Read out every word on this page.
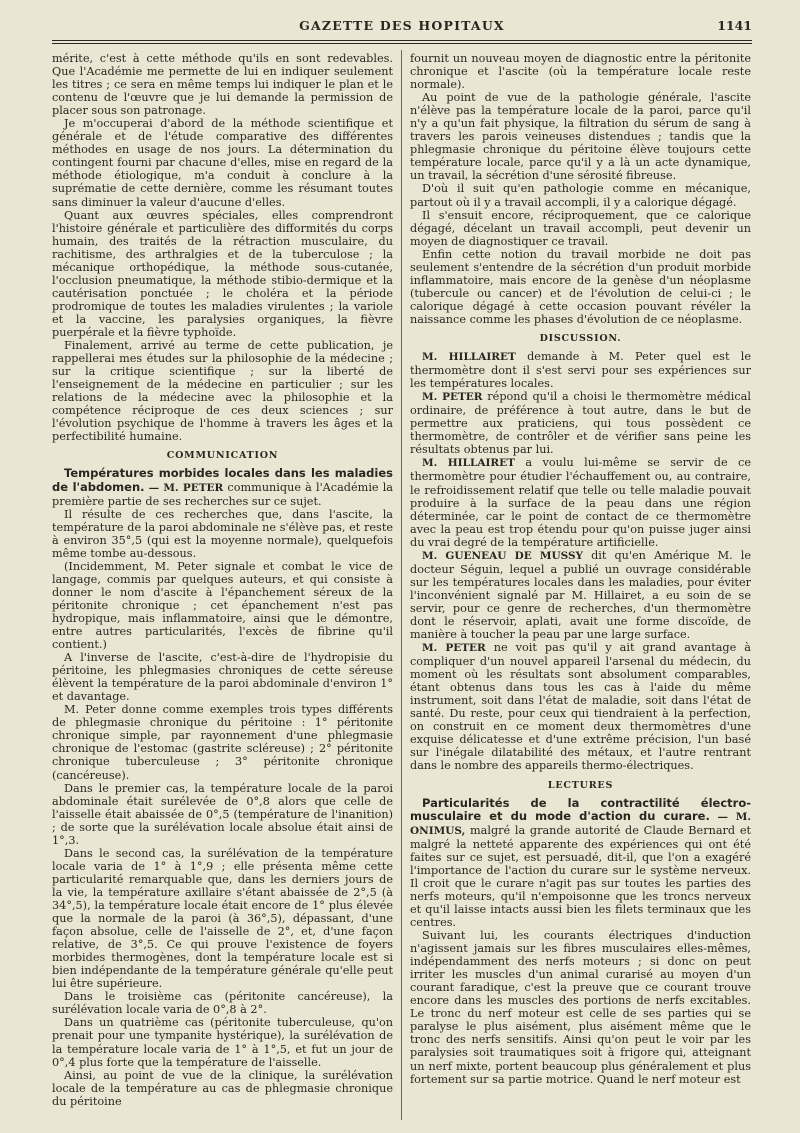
GAZETTE DES HOPITAUX	1141

mérite, c'est à cette méthode qu'ils en sont redevables. Que l'Académie me permette de lui en indiquer seulement les titres ; ce sera en même temps lui indiquer le plan et le contenu de l'œuvre que je lui demande la permission de placer sous son patronage.

Je m'occuperai d'abord de la méthode scientifique et générale et de l'étude comparative des différentes méthodes en usage de nos jours. La détermination du contingent fourni par chacune d'elles, mise en regard de la méthode étiologique, m'a conduit à conclure à la suprématie de cette dernière, comme les résumant toutes sans diminuer la valeur d'aucune d'elles.

Quant aux œuvres spéciales, elles comprendront l'histoire générale et particulière des difformités du corps humain, des traités de la rétraction musculaire, du rachitisme, des arthralgies et de la tuberculose ; la mécanique orthopédique, la méthode sous-cutanée, l'occlusion pneumatique, la méthode stibio-dermique et la cautérisation ponctuée ; le choléra et la période prodromique de toutes les maladies virulentes ; la variole et la vaccine, les paralysies organiques, la fièvre puerpérale et la fièvre typhoïde.

Finalement, arrivé au terme de cette publication, je rappellerai mes études sur la philosophie de la médecine ; sur la critique scientifique ; sur la liberté de l'enseignement de la médecine en particulier ; sur les relations de la médecine avec la philosophie et la compétence réciproque de ces deux sciences ; sur l'évolution psychique de l'homme à travers les âges et la perfectibilité humaine.

COMMUNICATION

Températures morbides locales dans les maladies de l'abdomen. — M. PETER communique à l'Académie la première partie de ses recherches sur ce sujet.

Il résulte de ces recherches que, dans l'ascite, la température de la paroi abdominale ne s'élève pas, et reste à environ 35°,5 (qui est la moyenne normale), quelquefois même tombe au-dessous.

(Incidemment, M. Peter signale et combat le vice de langage, commis par quelques auteurs, et qui consiste à donner le nom d'ascite à l'épanchement séreux de la péritonite chronique ; cet épanchement n'est pas hydropique, mais inflammatoire, ainsi que le démontre, entre autres particularités, l'excès de fibrine qu'il contient.)

A l'inverse de l'ascite, c'est-à-dire de l'hydropisie du péritoine, les phlegmasies chroniques de cette séreuse élèvent la température de la paroi abdominale d'environ 1° et davantage.

M. Peter donne comme exemples trois types différents de phlegmasie chronique du péritoine : 1° péritonite chronique simple, par rayonnement d'une phlegmasie chronique de l'estomac (gastrite scléreuse) ; 2° péritonite chronique tuberculeuse ; 3° péritonite chronique (cancéreuse).

Dans le premier cas, la température locale de la paroi abdominale était surélevée de 0°,8 alors que celle de l'aisselle était abaissée de 0°,5 (température de l'inanition) ; de sorte que la surélévation locale absolue était ainsi de 1°,3.

Dans le second cas, la surélévation de la température locale varia de 1° à 1°,9 ; elle présenta même cette particularité remarquable que, dans les derniers jours de la vie, la température axillaire s'étant abaissée de 2°,5 (à 34°,5), la température locale était encore de 1° plus élevée que la normale de la paroi (à 36°,5), dépassant, d'une façon absolue, celle de l'aisselle de 2°, et, d'une façon relative, de 3°,5. Ce qui prouve l'existence de foyers morbides thermogènes, dont la température locale est si bien indépendante de la température générale qu'elle peut lui être supérieure.

Dans le troisième cas (péritonite cancéreuse), la surélévation locale varia de 0°,8 à 2°.

Dans un quatrième cas (péritonite tuberculeuse, qu'on prenait pour une tympanite hystérique), la surélévation de la température locale varia de 1° à 1°,5, et fut un jour de 0°,4 plus forte que la température de l'aisselle.

Ainsi, au point de vue de la clinique, la surélévation locale de la température au cas de phlegmasie chronique du péritoine

fournit un nouveau moyen de diagnostic entre la péritonite chronique et l'ascite (où la température locale reste normale).

Au point de vue de la pathologie générale, l'ascite n'élève pas la température locale de la paroi, parce qu'il n'y a qu'un fait physique, la filtration du sérum de sang à travers les parois veineuses distendues ; tandis que la phlegmasie chronique du péritoine élève toujours cette température locale, parce qu'il y a là un acte dynamique, un travail, la sécrétion d'une sérosité fibreuse.

D'où il suit qu'en pathologie comme en mécanique, partout où il y a travail accompli, il y a calorique dégagé.

Il s'ensuit encore, réciproquement, que ce calorique dégagé, décelant un travail accompli, peut devenir un moyen de diagnostiquer ce travail.

Enfin cette notion du travail morbide ne doit pas seulement s'entendre de la sécrétion d'un produit morbide inflammatoire, mais encore de la genèse d'un néoplasme (tubercule ou cancer) et de l'évolution de celui-ci ; le calorique dégagé à cette occasion pouvant révéler la naissance comme les phases d'évolution de ce néoplasme.

DISCUSSION.

M. HILLAIRET demande à M. Peter quel est le thermomètre dont il s'est servi pour ses expériences sur les températures locales.

M. PETER répond qu'il a choisi le thermomètre médical ordinaire, de préférence à tout autre, dans le but de permettre aux praticiens, qui tous possèdent ce thermomètre, de contrôler et de vérifier sans peine les résultats obtenus par lui.

M. HILLAIRET a voulu lui-même se servir de ce thermomètre pour étudier l'échauffement ou, au contraire, le refroidissement relatif que telle ou telle maladie pouvait produire à la surface de la peau dans une région déterminée, car le point de contact de ce thermomètre avec la peau est trop étendu pour qu'on puisse juger ainsi du vrai degré de la température artificielle.

M. GUENEAU DE MUSSY dit qu'en Amérique M. le docteur Séguin, lequel a publié un ouvrage considérable sur les températures locales dans les maladies, pour éviter l'inconvénient signalé par M. Hillairet, a eu soin de se servir, pour ce genre de recherches, d'un thermomètre dont le réservoir, aplati, avait une forme discoïde, de manière à toucher la peau par une large surface.

M. PETER ne voit pas qu'il y ait grand avantage à compliquer d'un nouvel appareil l'arsenal du médecin, du moment où les résultats sont absolument comparables, étant obtenus dans tous les cas à l'aide du même instrument, soit dans l'état de maladie, soit dans l'état de santé. Du reste, pour ceux qui tiendraient à la perfection, on construit en ce moment deux thermomètres d'une exquise délicatesse et d'une extrême précision, l'un basé sur l'inégale dilatabilité des métaux, et l'autre rentrant dans le nombre des appareils thermo-électriques.

LECTURES

Particularités de la contractilité électro-musculaire et du mode d'action du curare. — M. ONIMUS, malgré la grande autorité de Claude Bernard et malgré la netteté apparente des expériences qui ont été faites sur ce sujet, est persuadé, dit-il, que l'on a exagéré l'importance de l'action du curare sur le système nerveux. Il croit que le curare n'agit pas sur toutes les parties des nerfs moteurs, qu'il n'empoisonne que les troncs nerveux et qu'il laisse intacts aussi bien les filets terminaux que les centres.

Suivant lui, les courants électriques d'induction n'agissent jamais sur les fibres musculaires elles-mêmes, indépendamment des nerfs moteurs ; si donc on peut irriter les muscles d'un animal curarisé au moyen d'un courant faradique, c'est la preuve que ce courant trouve encore dans les muscles des portions de nerfs excitables. Le tronc du nerf moteur est celle de ses parties qui se paralyse le plus aisément, plus aisément même que le tronc des nerfs sensitifs. Ainsi qu'on peut le voir par les paralysies soit traumatiques soit à frigore qui, atteignant un nerf mixte, portent beaucoup plus généralement et plus fortement sur sa partie motrice. Quand le nerf moteur est
